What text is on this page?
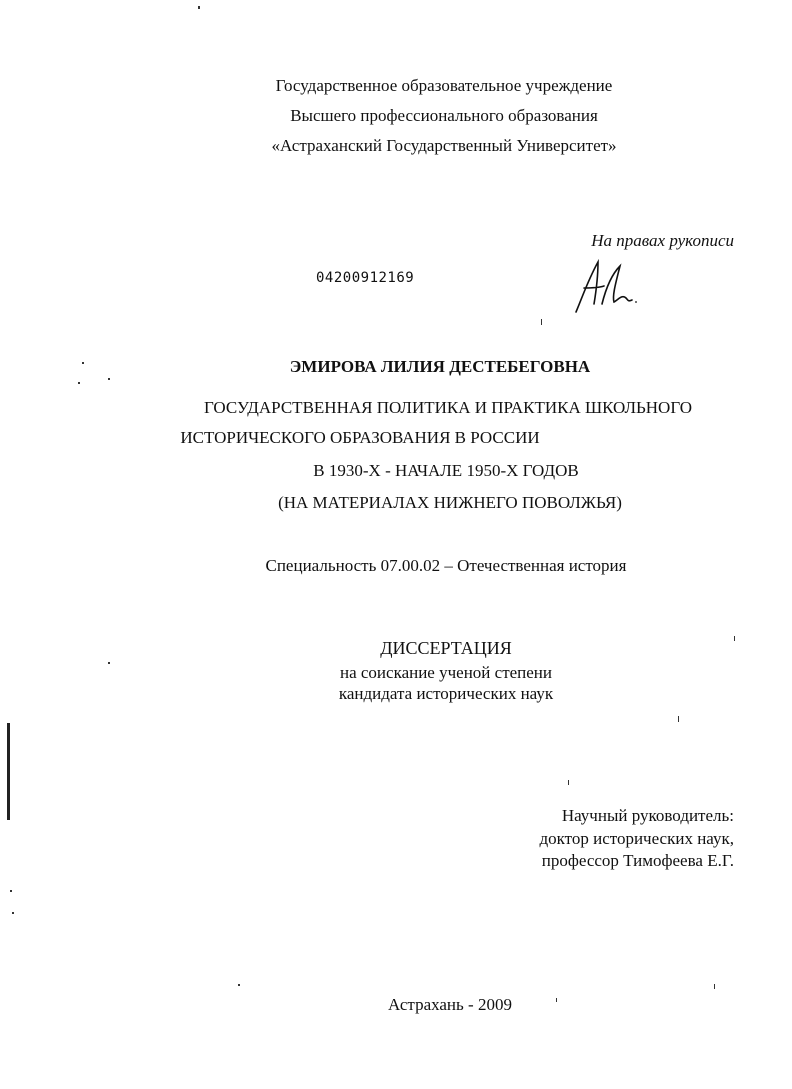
Государственное образовательное учреждение
Высшего профессионального образования
«Астраханский Государственный Университет»
На правах рукописи
04200912169
ЭМИРОВА ЛИЛИЯ ДЕСТЕБЕГОВНА
ГОСУДАРСТВЕННАЯ ПОЛИТИКА И ПРАКТИКА ШКОЛЬНОГО
ИСТОРИЧЕСКОГО ОБРАЗОВАНИЯ В РОССИИ
В 1930-Х - НАЧАЛЕ 1950-Х ГОДОВ
(НА МАТЕРИАЛАХ НИЖНЕГО ПОВОЛЖЬЯ)
Специальность 07.00.02 – Отечественная история
ДИССЕРТАЦИЯ
на соискание ученой степени
кандидата исторических наук
Научный руководитель:
доктор исторических наук,
профессор Тимофеева Е.Г.
Астрахань - 2009
